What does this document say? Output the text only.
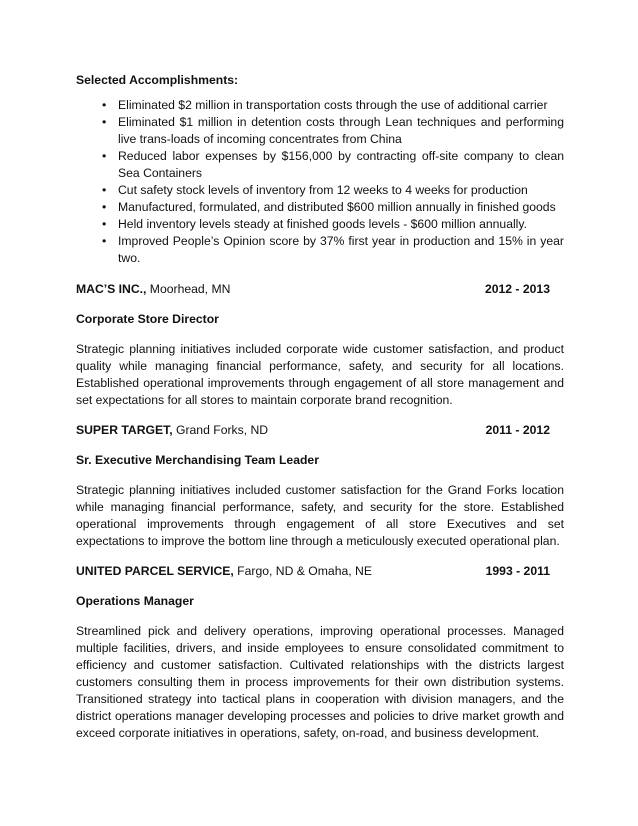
Selected Accomplishments:

• Eliminated $2 million in transportation costs through the use of additional carrier
• Eliminated $1 million in detention costs through Lean techniques and performing live trans-loads of incoming concentrates from China
• Reduced labor expenses by $156,000 by contracting off-site company to clean Sea Containers
• Cut safety stock levels of inventory from 12 weeks to 4 weeks for production
• Manufactured, formulated, and distributed $600 million annually in finished goods
• Held inventory levels steady at finished goods levels - $600 million annually.
• Improved People’s Opinion score by 37% first year in production and 15% in year two.
MAC’S INC., Moorhead, MN	2012 - 2013

Corporate Store Director

Strategic planning initiatives included corporate wide customer satisfaction, and product quality while managing financial performance, safety, and security for all locations. Established operational improvements through engagement of all store management and set expectations for all stores to maintain corporate brand recognition.

SUPER TARGET, Grand Forks, ND	2011 - 2012

Sr. Executive Merchandising Team Leader

Strategic planning initiatives included customer satisfaction for the Grand Forks location while managing financial performance, safety, and security for the store. Established operational improvements through engagement of all store Executives and set expectations to improve the bottom line through a meticulously executed operational plan.

UNITED PARCEL SERVICE, Fargo, ND & Omaha, NE	1993 - 2011

Operations Manager

Streamlined pick and delivery operations, improving operational processes. Managed multiple facilities, drivers, and inside employees to ensure consolidated commitment to efficiency and customer satisfaction. Cultivated relationships with the districts largest customers consulting them in process improvements for their own distribution systems. Transitioned strategy into tactical plans in cooperation with division managers, and the district operations manager developing processes and policies to drive market growth and exceed corporate initiatives in operations, safety, on-road, and business development.
